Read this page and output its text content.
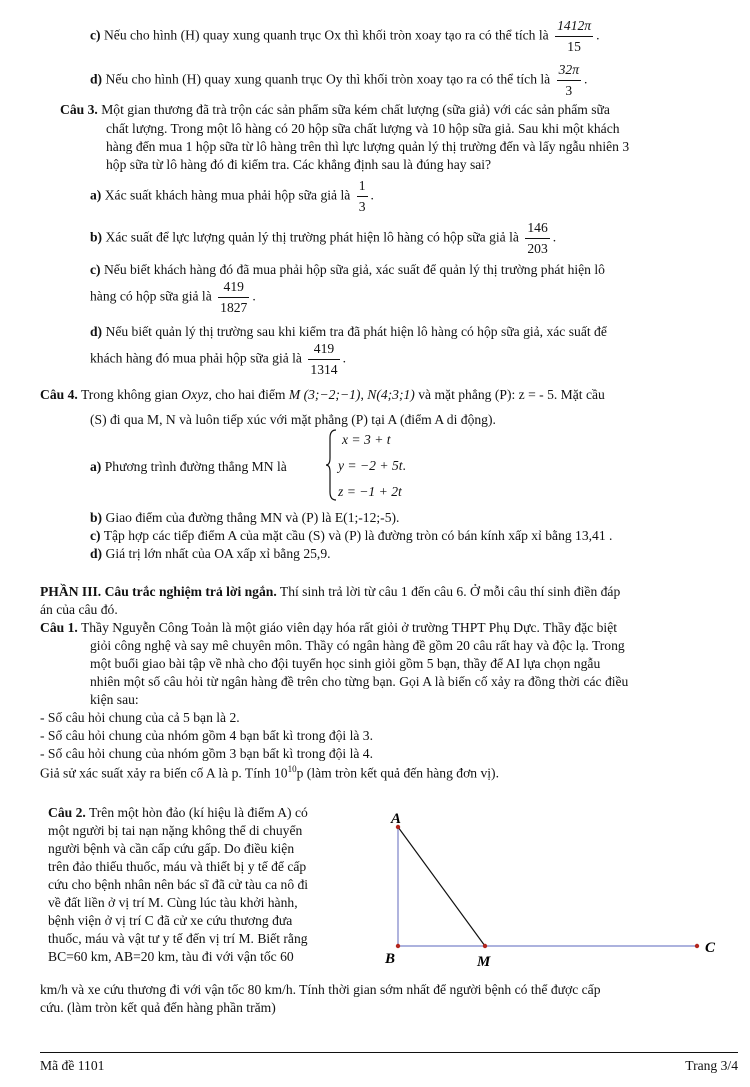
c) Nếu cho hình (H) quay xung quanh trục Ox thì khối tròn xoay tạo ra có thể tích là $\frac{1412\pi}{15}$ .
d) Nếu cho hình (H) quay xung quanh trục Oy thì khối tròn xoay tạo ra có thể tích là $\frac{32\pi}{3}$ .
Câu 3. Một gian thương đã trà trộn các sản phẩm sữa kém chất lượng (sữa giả) với các sản phẩm sữa
chất lượng. Trong một lô hàng có 20 hộp sữa chất lượng và 10 hộp sữa giả. Sau khi một khách
hàng đến mua 1 hộp sữa từ lô hàng trên thì lực lượng quản lý thị trường đến và lấy ngẫu nhiên 3
hộp sữa từ lô hàng đó đi kiểm tra. Các khẳng định sau là đúng hay sai?
a) Xác suất khách hàng mua phải hộp sữa giả là $\frac{1}{3}$ .
b) Xác suất để lực lượng quản lý thị trường phát hiện lô hàng có hộp sữa giả là $\frac{146}{203}$ .
c) Nếu biết khách hàng đó đã mua phải hộp sữa giả, xác suất để quản lý thị trường phát hiện lô
hàng có hộp sữa giả là $\frac{419}{1827}$ .
d) Nếu biết quản lý thị trường sau khi kiểm tra đã phát hiện lô hàng có hộp sữa giả, xác suất để
khách hàng đó mua phải hộp sữa giả là $\frac{419}{1314}$ .
Câu 4. Trong không gian Oxyz, cho hai điểm M (3;−2;−1), N(4;3;1) và mặt phẳng (P): z = - 5. Mặt cầu
(S) đi qua M, N và luôn tiếp xúc với mặt phẳng (P) tại A (điểm A di động).
a) Phương trình đường thẳng MN là
x = 3 + t
y = −2 + 5t.
z = −1 + 2t
b) Giao điểm của đường thẳng MN và (P) là E(1;-12;-5).
c) Tập hợp các tiếp điểm A của mặt cầu (S) và (P) là đường tròn có bán kính xấp xỉ bằng 13,41 .
d) Giá trị lớn nhất của OA xấp xỉ bằng 25,9.
PHẦN III. Câu trắc nghiệm trả lời ngắn. Thí sinh trả lời từ câu 1 đến câu 6. Ở mỗi câu thí sinh điền đáp
án của câu đó.
Câu 1. Thầy Nguyễn Công Toản là một giáo viên dạy hóa rất giỏi ở trường THPT Phụ Dực. Thầy đặc biệt
giỏi công nghệ và say mê chuyên môn. Thầy có ngân hàng đề gồm 20 câu rất hay và độc lạ. Trong
một buổi giao bài tập về nhà cho đội tuyển học sinh giỏi gồm 5 bạn, thầy để AI lựa chọn ngẫu
nhiên một số câu hỏi từ ngân hàng đề trên cho từng bạn. Gọi A là biến cố xảy ra đồng thời các điều
kiện sau:
- Số câu hỏi chung của cả 5 bạn là 2.
- Số câu hỏi chung của nhóm gồm 4 bạn bất kì trong đội là 3.
- Số câu hỏi chung của nhóm gồm 3 bạn bất kì trong đội là 4.
Giả sử xác suất xảy ra biến cố A là p. Tính $10^{10}p$ (làm tròn kết quả đến hàng đơn vị).
Câu 2. Trên một hòn đảo (kí hiệu là điểm A) có
một người bị tai nạn nặng không thể di chuyển
người bệnh và cần cấp cứu gấp. Do điều kiện
trên đảo thiếu thuốc, máu và thiết bị y tế để cấp
cứu cho bệnh nhân nên bác sĩ đã cử tàu ca nô đi
về đất liền ở vị trí M. Cùng lúc tàu khởi hành,
bệnh viện ở vị trí C đã cử xe cứu thương đưa
thuốc, máu và vật tư y tế đến vị trí M. Biết rằng
BC=60 km, AB=20 km, tàu đi với vận tốc 60
A
B	M
C
km/h và xe cứu thương đi với vận tốc 80 km/h. Tính thời gian sớm nhất để người bệnh có thể được cấp
cứu. (làm tròn kết quả đến hàng phần trăm)
Mã đề 1101	Trang 3/4
